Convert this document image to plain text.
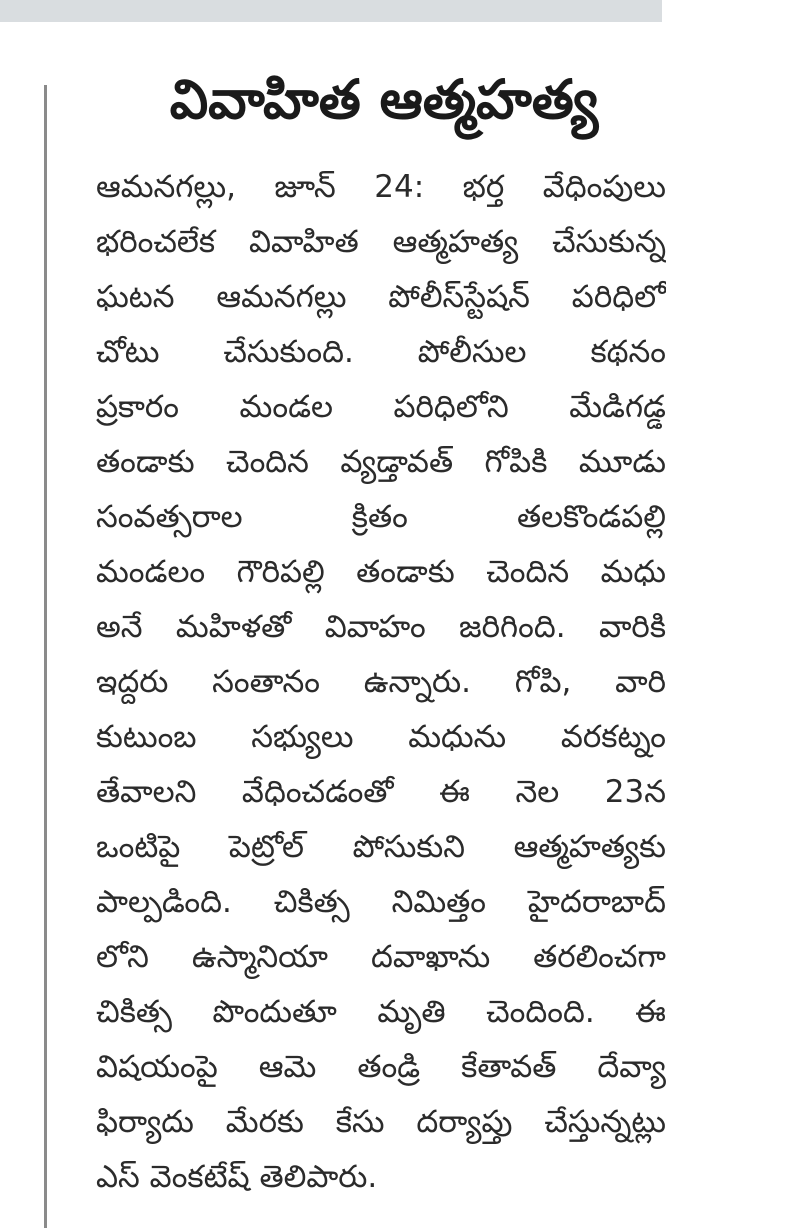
వివాహిత ఆత్మహత్య
ఆమనగల్లు, జూన్ 24: భర్త వేధింపులు
భరించలేక వివాహిత ఆత్మహత్య చేసుకున్న
ఘటన ఆమనగల్లు పోలీస్‌స్టేషన్ పరిధిలో
చోటు చేసుకుంది. పోలీసుల కథనం
ప్రకారం మండల పరిధిలోని మేడిగడ్డ
తండాకు చెందిన వ్యడ్తావత్ గోపికి మూడు
సంవత్సరాల క్రితం తలకొండపల్లి
మండలం గౌరిపల్లి తండాకు చెందిన మధు
అనే మహిళతో వివాహం జరిగింది. వారికి
ఇద్దరు సంతానం ఉన్నారు. గోపి, వారి
కుటుంబ సభ్యులు మధును వరకట్నం
తేవాలని వేధించడంతో ఈ నెల 23న
ఒంటిపై పెట్రోల్ పోసుకుని ఆత్మహత్యకు
పాల్పడింది. చికిత్స నిమిత్తం హైదరాబాద్
లోని ఉస్మానియా దవాఖాను తరలించగా
చికిత్స పొందుతూ మృతి చెందింది. ఈ
విషయంపై ఆమె తండ్రి కేతావత్ దేవ్యా
ఫిర్యాదు మేరకు కేసు దర్యాప్తు చేస్తున్నట్లు
ఎస్ వెంకటేష్ తెలిపారు.
